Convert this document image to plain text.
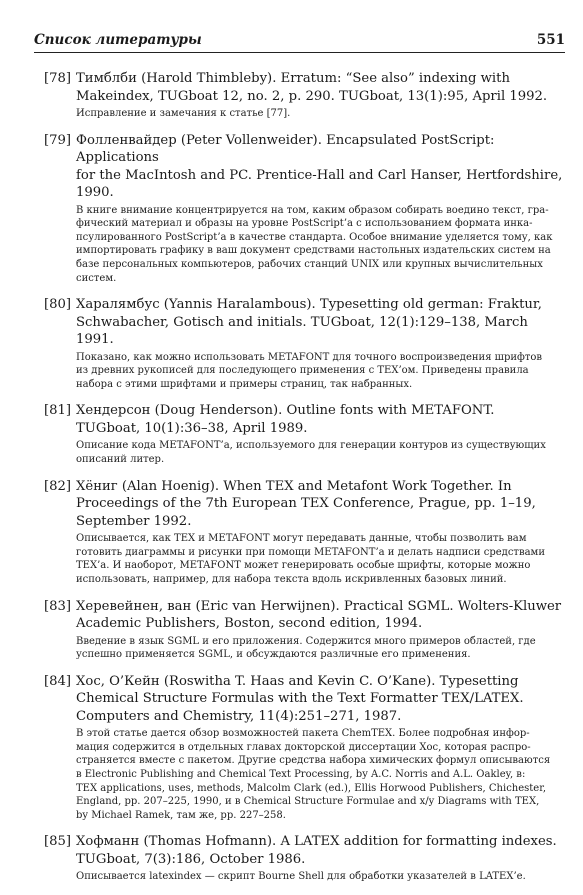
Список литературы	551
[78] Тимблби (Harold Thimbleby). Erratum: “See also” indexing with
Makeindex, TUGboat 12, no. 2, p. 290. TUGboat, 13(1):95, April 1992.
Исправление и замечания к статье [77].
[79] Фолленвайдер (Peter Vollenweider). Encapsulated PostScript: Applications
for the MacIntosh and PC. Prentice-Hall and Carl Hanser, Hertfordshire,
1990.
В книге внимание концентрируется на том, каким образом собирать воедино текст, гра-
фический материал и образы на уровне PostScript’а с использованием формата инка-
псулированного PostScript’а в качестве стандарта. Особое внимание уделяется тому, как
импортировать графику в ваш документ средствами настольных издательских систем на
базе персональных компьютеров, рабочих станций UNIX или крупных вычислительных
систем.
[80] Харалямбус (Yannis Haralambous). Typesetting old german: Fraktur,
Schwabacher, Gotisch and initials. TUGboat, 12(1):129–138, March 1991.
Показано, как можно использовать METAFONT для точного воспроизведения шрифтов
из древних рукописей для последующего применения с TEX’ом. Приведены правила
набора с этими шрифтами и примеры страниц, так набранных.
[81] Хендерсон (Doug Henderson). Outline fonts with METAFONT.
TUGboat, 10(1):36–38, April 1989.
Описание кода METAFONT’а, используемого для генерации контуров из существующих
описаний литер.
[82] Хёниг (Alan Hoenig). When TEX and Metafont Work Together. In
Proceedings of the 7th European TEX Conference, Prague, pp. 1–19,
September 1992.
Описывается, как TEX и METAFONT могут передавать данные, чтобы позволить вам
готовить диаграммы и рисунки при помощи METAFONT’а и делать надписи средствами
TEX’а. И наоборот, METAFONT может генерировать особые шрифты, которые можно
использовать, например, для набора текста вдоль искривленных базовых линий.
[83] Херевейнен, ван (Eric van Herwijnen). Practical SGML. Wolters-Kluwer
Academic Publishers, Boston, second edition, 1994.
Введение в язык SGML и его приложения. Содержится много примеров областей, где
успешно применяется SGML, и обсуждаются различные его применения.
[84] Хос, О’Кейн (Roswitha T. Haas and Kevin C. O’Kane). Typesetting
Chemical Structure Formulas with the Text Formatter TEX/LATEX.
Computers and Chemistry, 11(4):251–271, 1987.
В этой статье дается обзор возможностей пакета ChemTEX. Более подробная инфор-
мация содержится в отдельных главах докторской диссертации Хос, которая распро-
страняется вместе с пакетом. Другие средства набора химических формул описываются
в Electronic Publishing and Chemical Text Processing, by A.C. Norris and A.L. Oakley, в:
TEX applications, uses, methods, Malcolm Clark (ed.), Ellis Horwood Publishers, Chichester,
England, pp. 207–225, 1990, и в Chemical Structure Formulae and x/y Diagrams with TEX,
by Michael Ramek, там же, pp. 227–258.
[85] Хофманн (Thomas Hofmann). A LATEX addition for formatting indexes.
TUGboat, 7(3):186, October 1986.
Описывается latexindex — скрипт Bourne Shell для обработки указателей в LATEX’е.
